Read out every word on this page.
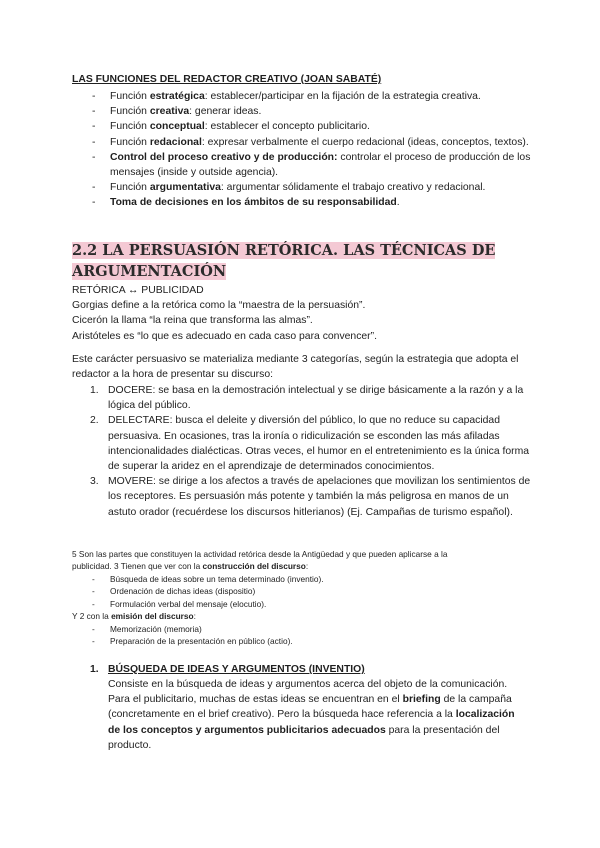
LAS FUNCIONES DEL REDACTOR CREATIVO (JOAN SABATÉ)
- Función estratégica: establecer/participar en la fijación de la estrategia creativa.
- Función creativa: generar ideas.
- Función conceptual: establecer el concepto publicitario.
- Función redacional: expresar verbalmente el cuerpo redacional (ideas, conceptos, textos).
- Control del proceso creativo y de producción: controlar el proceso de producción de los mensajes (inside y outside agencia).
- Función argumentativa: argumentar sólidamente el trabajo creativo y redacional.
- Toma de decisiones en los ámbitos de su responsabilidad.
2.2 LA PERSUASIÓN RETÓRICA. LAS TÉCNICAS DE
ARGUMENTACIÓN
RETÓRICA ↔ PUBLICIDAD
Gorgias define a la retórica como la “maestra de la persuasión”.
Cicerón la llama “la reina que transforma las almas”.
Aristóteles es “lo que es adecuado en cada caso para convencer”.
Este carácter persuasivo se materializa mediante 3 categorías, según la estrategia que adopta el redactor a la hora de presentar su discurso:
1. DOCERE: se basa en la demostración intelectual y se dirige básicamente a la razón y a la lógica del público.
2. DELECTARE: busca el deleite y diversión del público, lo que no reduce su capacidad persuasiva. En ocasiones, tras la ironía o ridiculización se esconden las más afiladas intencionalidades dialécticas. Otras veces, el humor en el entretenimiento es la única forma de superar la aridez en el aprendizaje de determinados conocimientos.
3. MOVERE: se dirige a los afectos a través de apelaciones que movilizan los sentimientos de los receptores. Es persuasión más potente y también la más peligrosa en manos de un astuto orador (recuérdese los discursos hitlerianos) (Ej. Campañas de turismo español).
5 Son las partes que constituyen la actividad retórica desde la Antigüedad y que pueden aplicarse a la
publicidad. 3 Tienen que ver con la construcción del discurso:
- Búsqueda de ideas sobre un tema determinado (inventio).
- Ordenación de dichas ideas (dispositio)
- Formulación verbal del mensaje (elocutio).
Y 2 con la emisión del discurso:
- Memorización (memoria)
- Preparación de la presentación en público (actio).
1. BÚSQUEDA DE IDEAS Y ARGUMENTOS (INVENTIO)
Consiste en la búsqueda de ideas y argumentos acerca del objeto de la comunicación. Para el publicitario, muchas de estas ideas se encuentran en el briefing de la campaña (concretamente en el brief creativo). Pero la búsqueda hace referencia a la localización de los conceptos y argumentos publicitarios adecuados para la presentación del producto.
